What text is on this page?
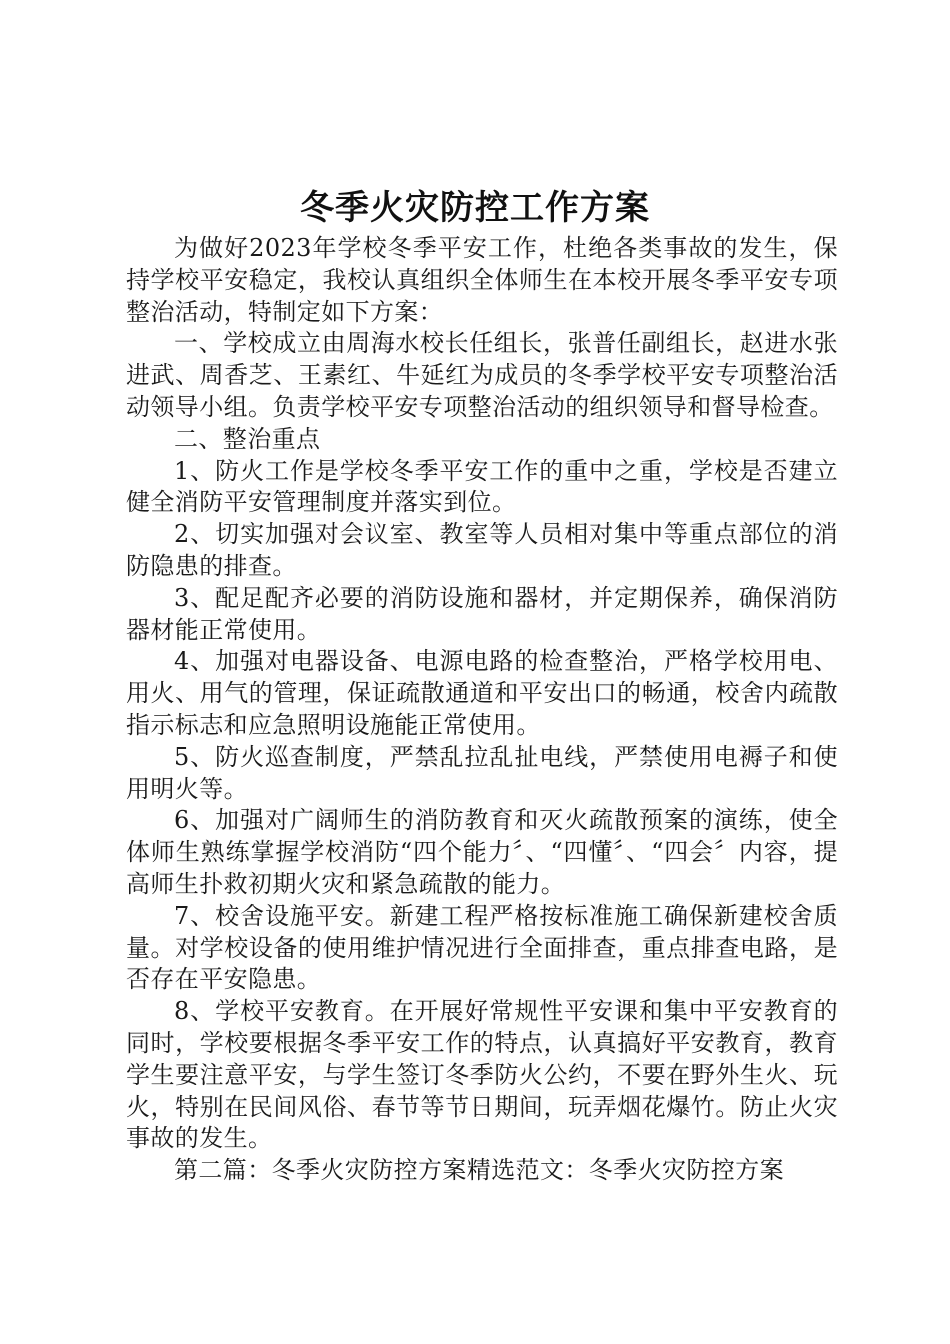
冬季火灾防控工作方案

为做好2023年学校冬季平安工作，杜绝各类事故的发生，保持学校平安稳定，我校认真组织全体师生在本校开展冬季平安专项整治活动，特制定如下方案：

一、学校成立由周海水校长任组长，张普任副组长，赵进水张进武、周香芝、王素红、牛延红为成员的冬季学校平安专项整治活动领导小组。负责学校平安专项整治活动的组织领导和督导检查。

二、整治重点

1、防火工作是学校冬季平安工作的重中之重，学校是否建立健全消防平安管理制度并落实到位。

2、切实加强对会议室、教室等人员相对集中等重点部位的消防隐患的排查。

3、配足配齐必要的消防设施和器材，并定期保养，确保消防器材能正常使用。

4、加强对电器设备、电源电路的检查整治，严格学校用电、用火、用气的管理，保证疏散通道和平安出口的畅通，校舍内疏散指示标志和应急照明设施能正常使用。

5、防火巡查制度，严禁乱拉乱扯电线，严禁使用电褥子和使用明火等。

6、加强对广阔师生的消防教育和灭火疏散预案的演练，使全体师生熟练掌握学校消防“四个能力〞、“四懂〞、“四会〞内容，提高师生扑救初期火灾和紧急疏散的能力。

7、校舍设施平安。新建工程严格按标准施工确保新建校舍质量。对学校设备的使用维护情况进行全面排查，重点排查电路，是否存在平安隐患。

8、学校平安教育。在开展好常规性平安课和集中平安教育的同时，学校要根据冬季平安工作的特点，认真搞好平安教育，教育学生要注意平安，与学生签订冬季防火公约，不要在野外生火、玩火，特别在民间风俗、春节等节日期间，玩弄烟花爆竹。防止火灾事故的发生。

第二篇：冬季火灾防控方案精选范文：冬季火灾防控方案
